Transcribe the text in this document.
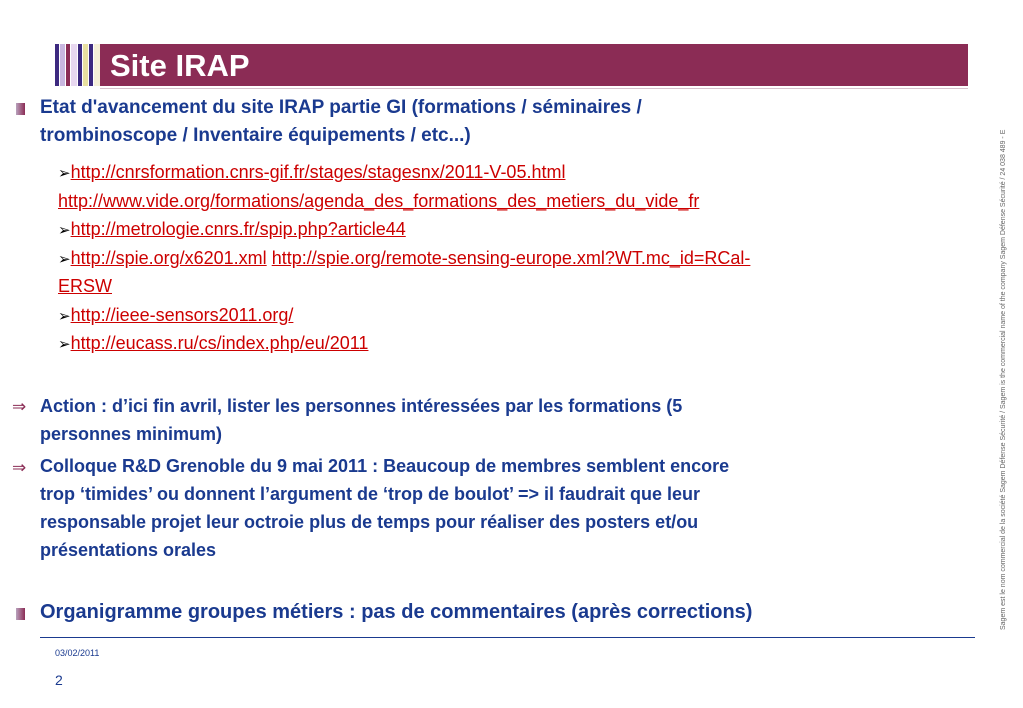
Site IRAP
Etat d'avancement du site IRAP partie GI (formations / séminaires /
trombinoscope / Inventaire équipements / etc...)
➢http://cnrsformation.cnrs-gif.fr/stages/stagesnx/2011-V-05.html
http://www.vide.org/formations/agenda_des_formations_des_metiers_du_vide_fr
➢http://metrologie.cnrs.fr/spip.php?article44
➢http://spie.org/x6201.xml http://spie.org/remote-sensing-europe.xml?WT.mc_id=RCal-
ERSW
➢http://ieee-sensors2011.org/
➢http://eucass.ru/cs/index.php/eu/2011
⇒ Action : d’ici fin avril, lister les personnes intéressées par les formations (5
personnes minimum)
⇒ Colloque R&D Grenoble du 9 mai 2011 : Beaucoup de membres semblent encore
trop ‘timides’ ou donnent l’argument de ‘trop de boulot’ => il faudrait que leur
responsable projet leur octroie plus de temps pour réaliser des posters et/ou
présentations orales
Organigramme groupes métiers : pas de commentaires (après corrections)
03/02/2011
2
Sagem est le nom commercial de la société Sagem Défense Sécurité / Sagem is the commercial name of the company Sagem Défense Sécurité / 24 038 489 - E
